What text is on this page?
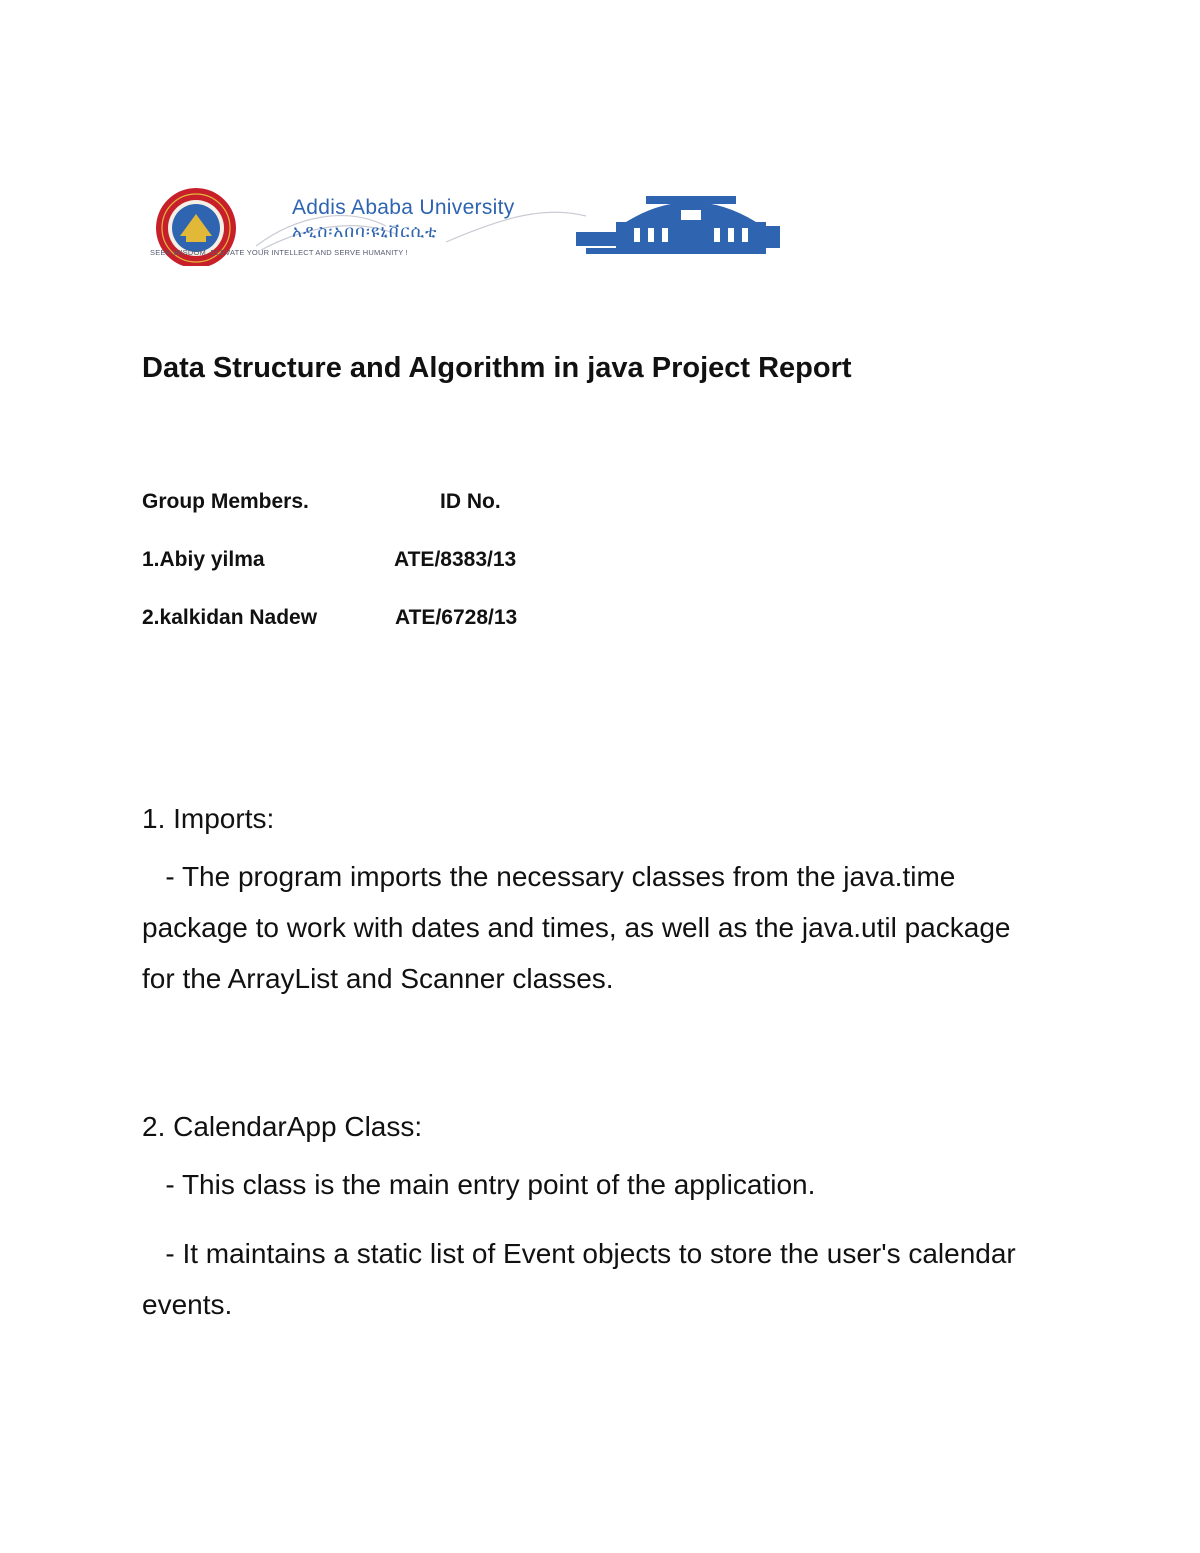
Addis Ababa University
አዲስ፡አበባ፡ዩኒቨርሲቲ
SEEK WISDOM, ELEVATE YOUR INTELLECT AND SERVE HUMANITY !
Data Structure and Algorithm in java Project Report
Group Members.	ID No.
1.Abiy yilma	ATE/8383/13
2.kalkidan Nadew	ATE/6728/13
1. Imports:
- The program imports the necessary classes from the java.time package to work with dates and times, as well as the java.util package for the ArrayList and Scanner classes.
2. CalendarApp Class:
- This class is the main entry point of the application.
- It maintains a static list of Event objects to store the user's calendar events.
